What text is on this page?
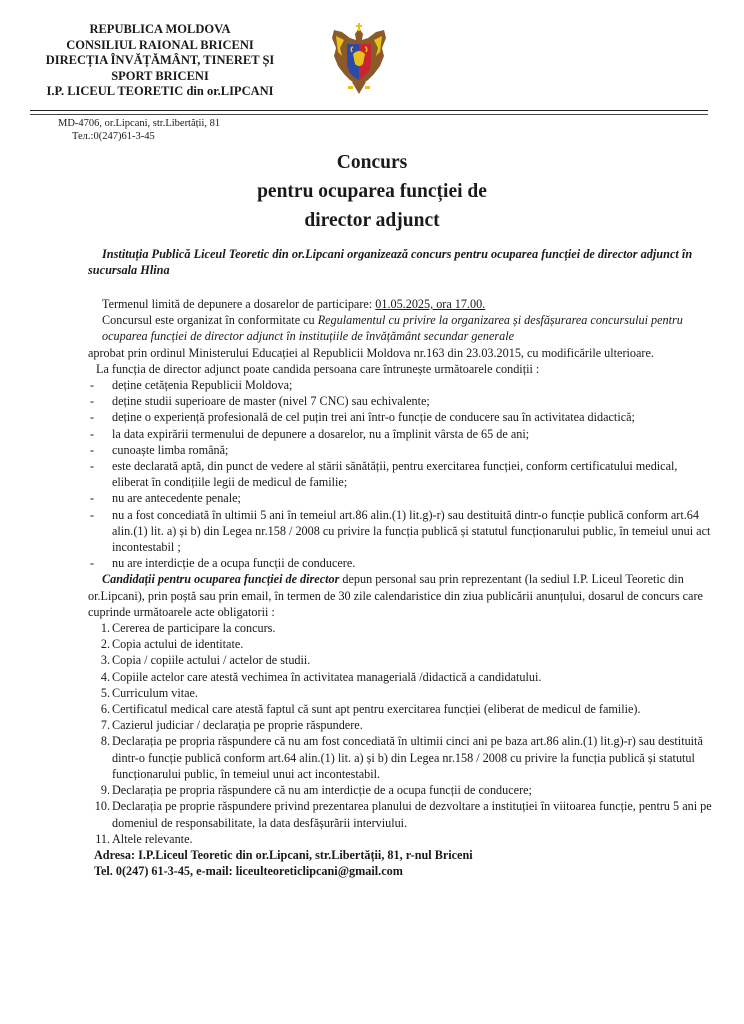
REPUBLICA MOLDOVA
CONSILIUL RAIONAL BRICENI
DIRECȚIA ÎNVĂȚĂMÂNT, TINERET ȘI
SPORT BRICENI
I.P. LICEUL TEORETIC din or.LIPCANI
MD-4706, or.Lipcani, str.Libertății, 81
Тел.:0(247)61-3-45
Concurs
pentru ocuparea funcției de
director adjunct
Instituția Publică Liceul Teoretic din or.Lipcani organizează concurs pentru ocuparea funcției de director adjunct în sucursala Hlina

Termenul limită de depunere a dosarelor de participare: 01.05.2025, ora 17.00.

Concursul este organizat în conformitate cu Regulamentul cu privire la organizarea și desfășurarea concursului pentru ocuparea funcției de director adjunct în instituțiile de învățământ secundar generale

aprobat prin ordinul Ministerului Educației al Republicii Moldova nr.163 din 23.03.2015, cu modificările ulterioare.

La funcția de director adjunct poate candida persoana care întrunește următoarele condiții :

- deține cetățenia Republicii Moldova;
- deține studii superioare de master (nivel 7 CNC) sau echivalente;
- deține o experiență profesională de cel puțin trei ani într-o funcție de conducere sau în activitatea didactică;
- la data expirării termenului de depunere a dosarelor, nu a împlinit vârsta de 65 de ani;
- cunoaște limba română;
- este declarată aptă, din punct de vedere al stării sănătății, pentru exercitarea funcției, conform certificatului medical, eliberat în condițiile legii de medicul de familie;
- nu are antecedente penale;
- nu a fost concediată în ultimii 5 ani în temeiul art.86 alin.(1) lit.g)-r) sau destituită dintr-o funcție publică conform art.64 alin.(1) lit. a) și b) din Legea nr.158 / 2008 cu privire la funcția publică și statutul funcționarului public, în temeiul unui act incontestabil ;
- nu are interdicție de a ocupa funcții de conducere.

Candidații pentru ocuparea funcției de director depun personal sau prin reprezentant (la sediul I.P. Liceul Teoretic din or.Lipcani), prin poștă sau prin email, în termen de 30 zile calendaristice din ziua publicării anunțului, dosarul de concurs care cuprinde următoarele acte obligatorii :

1. Cererea de participare la concurs.
2. Copia actului de identitate.
3. Copia / copiile actului / actelor de studii.
4. Copiile actelor care atestă vechimea în activitatea managerială /didactică a candidatului.
5. Curriculum vitae.
6. Certificatul medical care atestă faptul că sunt apt pentru exercitarea funcției (eliberat de medicul de familie).
7. Cazierul judiciar / declarația pe proprie răspundere.
8. Declarația pe propria răspundere că nu am fost concediată în ultimii cinci ani pe baza art.86 alin.(1) lit.g)-r) sau destituită dintr-o funcție publică conform art.64 alin.(1) lit. a) și b) din Legea nr.158 / 2008 cu privire la funcția publică și statutul funcționarului public, în temeiul unui act incontestabil.
9. Declarația pe propria răspundere că nu am interdicție de a ocupa funcții de conducere;
10. Declarația pe proprie răspundere privind prezentarea planului de dezvoltare a instituției în viitoarea funcție, pentru 5 ani pe domeniul de responsabilitate, la data desfășurării interviului.
11. Altele relevante.
Adresa: I.P.Liceul Teoretic din or.Lipcani, str.Libertății, 81, r-nul Briceni
Tel. 0(247) 61-3-45, e-mail: liceulteoreticlipcani@gmail.com
